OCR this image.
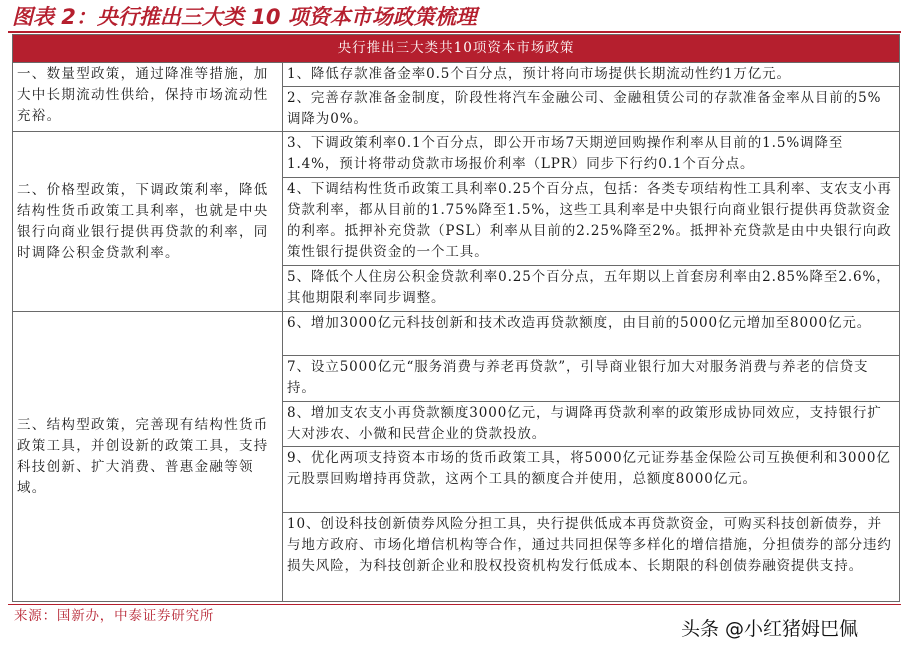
图表 2：央行推出三大类 10 项资本市场政策梳理
央行推出三大类共10项资本市场政策	
一、数量型政策，通过降准等措施，加大中长期流动性供给，保持市场流动性充裕。	1、降低存款准备金率0.5个百分点，预计将向市场提供长期流动性约1万亿元。
	2、完善存款准备金制度，阶段性将汽车金融公司、金融租赁公司的存款准备金率从目前的5%调降为0%。
二、价格型政策，下调政策利率，降低结构性货币政策工具利率，也就是中央银行向商业银行提供再贷款的利率，同时调降公积金贷款利率。	3、下调政策利率0.1个百分点，即公开市场7天期逆回购操作利率从目前的1.5%调降至1.4%，预计将带动贷款市场报价利率（LPR）同步下行约0.1个百分点。
	4、下调结构性货币政策工具利率0.25个百分点，包括：各类专项结构性工具利率、支农支小再贷款利率，都从目前的1.75%降至1.5%，这些工具利率是中央银行向商业银行提供再贷款资金的利率。抵押补充贷款（PSL）利率从目前的2.25%降至2%。抵押补充贷款是由中央银行向政策性银行提供资金的一个工具。
	5、降低个人住房公积金贷款利率0.25个百分点，五年期以上首套房利率由2.85%降至2.6%，其他期限利率同步调整。
三、结构型政策，完善现有结构性货币政策工具，并创设新的政策工具，支持科技创新、扩大消费、普惠金融等领域。	6、增加3000亿元科技创新和技术改造再贷款额度，由目前的5000亿元增加至8000亿元。
	7、设立5000亿元“服务消费与养老再贷款”，引导商业银行加大对服务消费与养老的信贷支持。
	8、增加支农支小再贷款额度3000亿元，与调降再贷款利率的政策形成协同效应，支持银行扩大对涉农、小微和民营企业的贷款投放。
	9、优化两项支持资本市场的货币政策工具，将5000亿元证券基金保险公司互换便利和3000亿元股票回购增持再贷款，这两个工具的额度合并使用，总额度8000亿元。
	10、创设科技创新债券风险分担工具，央行提供低成本再贷款资金，可购买科技创新债券，并与地方政府、市场化增信机构等合作，通过共同担保等多样化的增信措施，分担债券的部分违约损失风险，为科技创新企业和股权投资机构发行低成本、长期限的科创债券融资提供支持。
来源：国新办，中泰证券研究所
头条 @小红猪姆巴佩
